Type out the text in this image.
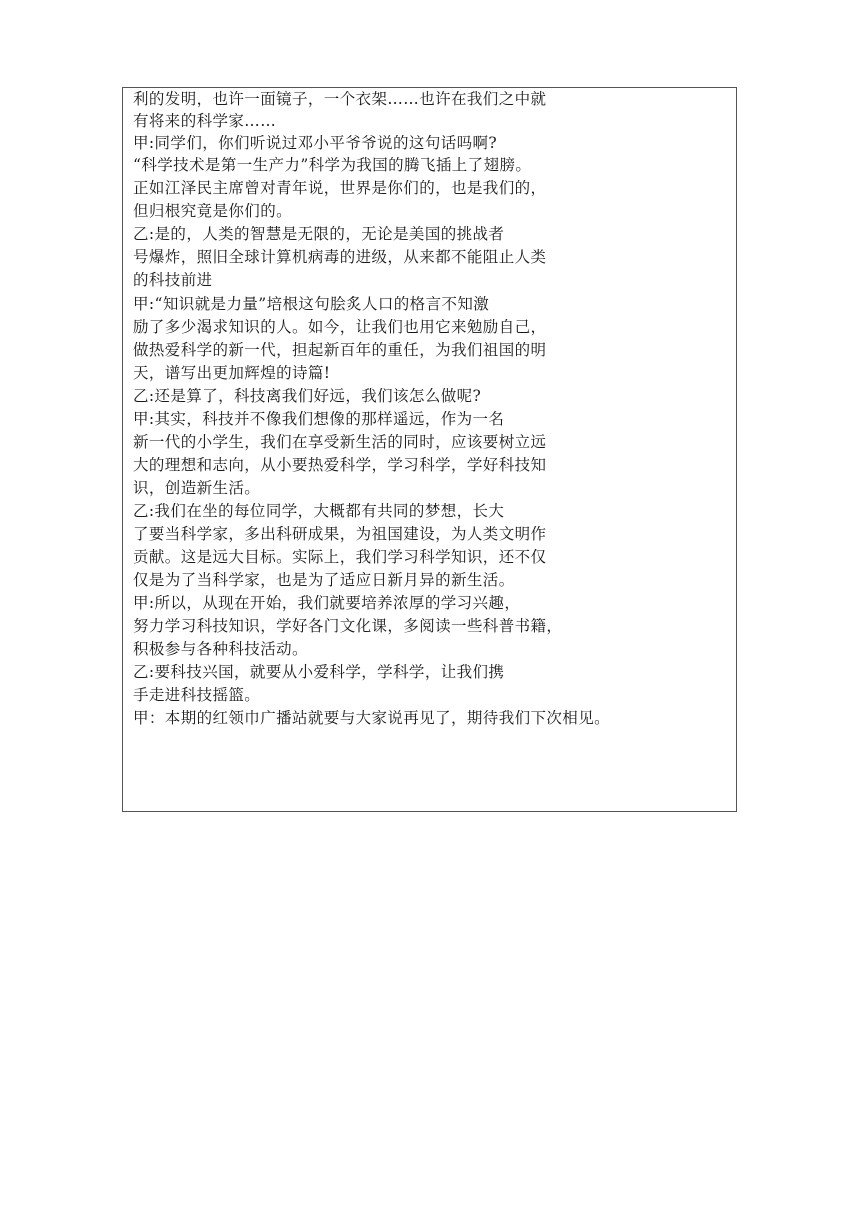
利的发明，也许一面镜子，一个衣架……也许在我们之中就
有将来的科学家……
甲:同学们，你们听说过邓小平爷爷说的这句话吗啊?
“科学技术是第一生产力”科学为我国的腾飞插上了翅膀。
正如江泽民主席曾对青年说，世界是你们的，也是我们的，
但归根究竟是你们的。
乙:是的，人类的智慧是无限的，无论是美国的挑战者
号爆炸，照旧全球计算机病毒的进级，从来都不能阻止人类
的科技前进
甲:“知识就是力量”培根这句脍炙人口的格言不知激
励了多少渴求知识的人。如今，让我们也用它来勉励自己，
做热爱科学的新一代，担起新百年的重任，为我们祖国的明
天，谱写出更加辉煌的诗篇!
乙:还是算了，科技离我们好远，我们该怎么做呢?
甲:其实，科技并不像我们想像的那样遥远，作为一名
新一代的小学生，我们在享受新生活的同时，应该要树立远
大的理想和志向，从小要热爱科学，学习科学，学好科技知
识，创造新生活。
乙:我们在坐的每位同学，大概都有共同的梦想，长大
了要当科学家，多出科研成果，为祖国建设，为人类文明作
贡献。这是远大目标。实际上，我们学习科学知识，还不仅
仅是为了当科学家，也是为了适应日新月异的新生活。
甲:所以，从现在开始，我们就要培养浓厚的学习兴趣，
努力学习科技知识，学好各门文化课，多阅读一些科普书籍，
积极参与各种科技活动。
乙:要科技兴国，就要从小爱科学，学科学，让我们携
手走进科技摇篮。
甲：本期的红领巾广播站就要与大家说再见了，期待我们下次相见。
